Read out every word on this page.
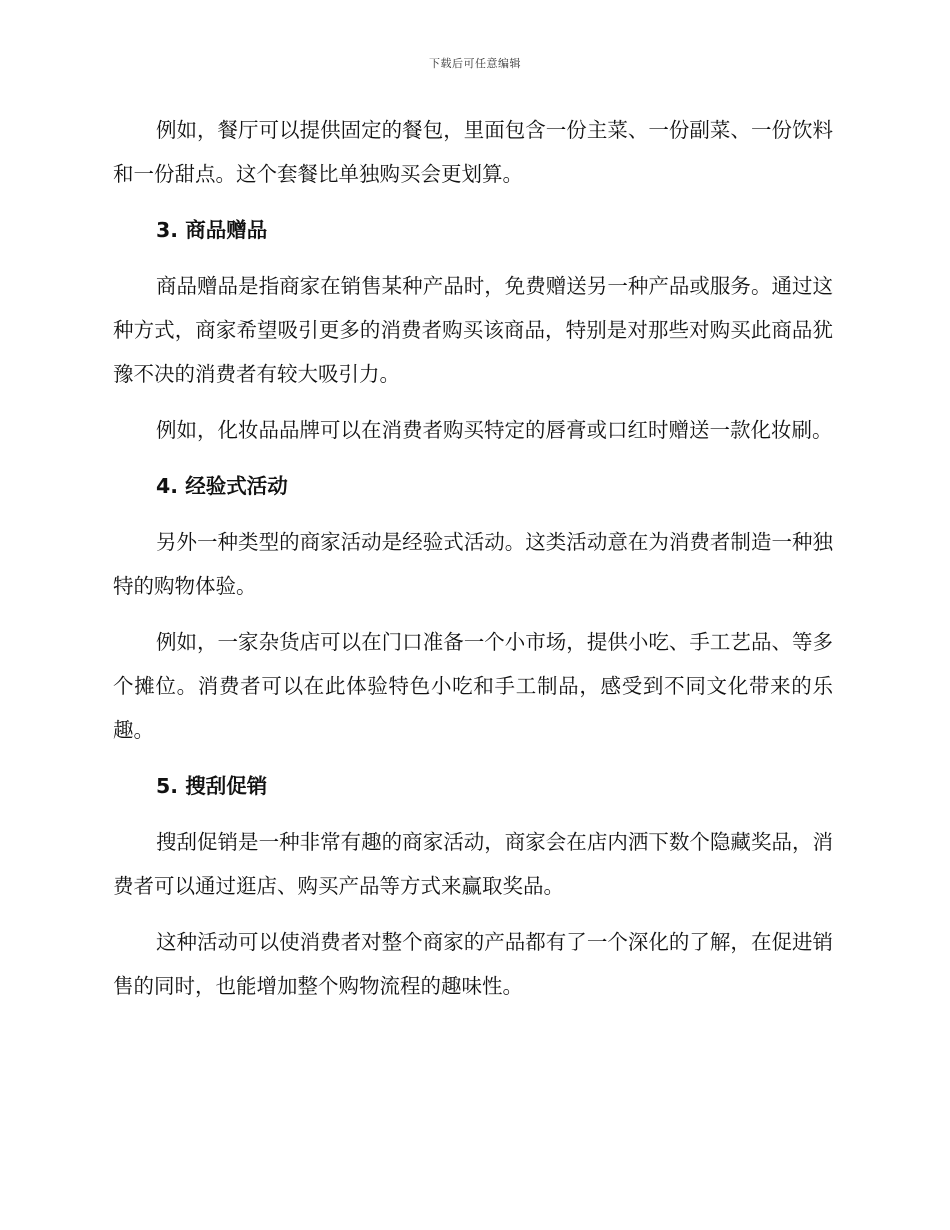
下载后可任意编辑

例如，餐厅可以提供固定的餐包，里面包含一份主菜、一份副菜、一份饮料和一份甜点。这个套餐比单独购买会更划算。

3. 商品赠品

商品赠品是指商家在销售某种产品时，免费赠送另一种产品或服务。通过这种方式，商家希望吸引更多的消费者购买该商品，特别是对那些对购买此商品犹豫不决的消费者有较大吸引力。

例如，化妆品品牌可以在消费者购买特定的唇膏或口红时赠送一款化妆刷。

4. 经验式活动

另外一种类型的商家活动是经验式活动。这类活动意在为消费者制造一种独特的购物体验。

例如，一家杂货店可以在门口准备一个小市场，提供小吃、手工艺品、等多个摊位。消费者可以在此体验特色小吃和手工制品，感受到不同文化带来的乐趣。

5. 搜刮促销

搜刮促销是一种非常有趣的商家活动，商家会在店内洒下数个隐藏奖品，消费者可以通过逛店、购买产品等方式来赢取奖品。

这种活动可以使消费者对整个商家的产品都有了一个深化的了解，在促进销售的同时，也能增加整个购物流程的趣味性。
